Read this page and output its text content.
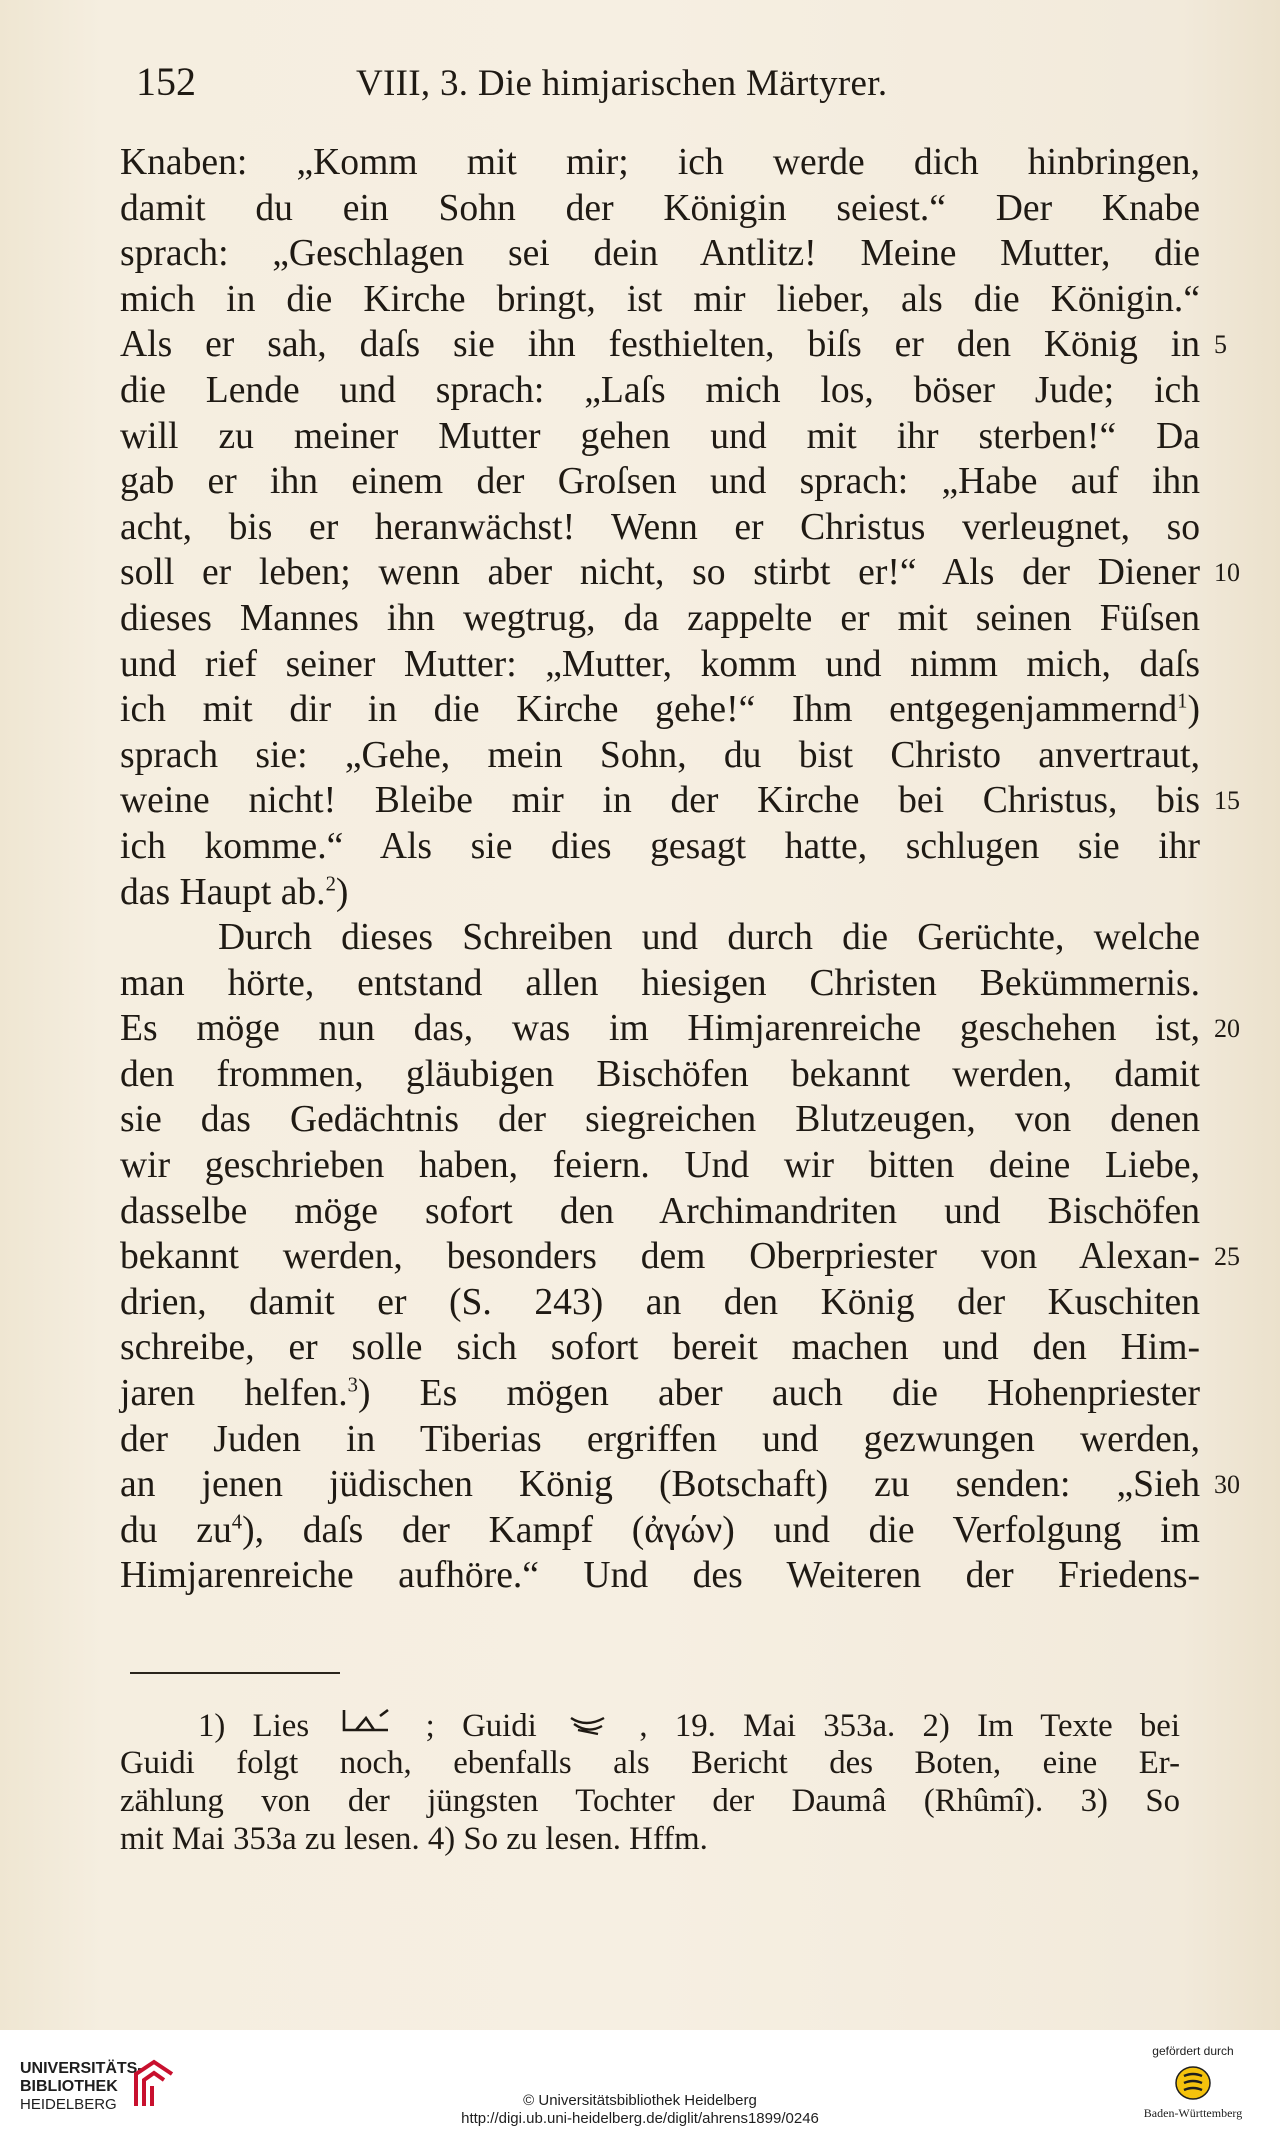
152	VIII, 3. Die himjarischen Märtyrer.
Knaben: „Komm mit mir; ich werde dich hinbringen,
damit du ein Sohn der Königin seiest.“ Der Knabe
sprach: „Geschlagen sei dein Antlitz! Meine Mutter, die
mich in die Kirche bringt, ist mir lieber, als die Königin.“
Als er sah, daſs sie ihn festhielten, biſs er den König in 5
die Lende und sprach: „Laſs mich los, böser Jude; ich
will zu meiner Mutter gehen und mit ihr sterben!“ Da
gab er ihn einem der Groſsen und sprach: „Habe auf ihn
acht, bis er heranwächst! Wenn er Christus verleugnet, so
soll er leben; wenn aber nicht, so stirbt er!“ Als der Diener 10
dieses Mannes ihn wegtrug, da zappelte er mit seinen Füſsen
und rief seiner Mutter: „Mutter, komm und nimm mich, daſs
ich mit dir in die Kirche gehe!“ Ihm entgegenjammernd$^1$)
sprach sie: „Gehe, mein Sohn, du bist Christo anvertraut,
weine nicht! Bleibe mir in der Kirche bei Christus, bis 15
ich komme.“ Als sie dies gesagt hatte, schlugen sie ihr
das Haupt ab.$^2$)
Durch dieses Schreiben und durch die Gerüchte, welche
man hörte, entstand allen hiesigen Christen Bekümmernis.
Es möge nun das, was im Himjarenreiche geschehen ist, 20
den frommen, gläubigen Bischöfen bekannt werden, damit
sie das Gedächtnis der siegreichen Blutzeugen, von denen
wir geschrieben haben, feiern. Und wir bitten deine Liebe,
dasselbe möge sofort den Archimandriten und Bischöfen
bekannt werden, besonders dem Oberpriester von Alexan- 25
drien, damit er (S. 243) an den König der Kuschiten
schreibe, er solle sich sofort bereit machen und den Him-
jaren helfen.$^3$) Es mögen aber auch die Hohenpriester
der Juden in Tiberias ergriffen und gezwungen werden,
an jenen jüdischen König (Botschaft) zu senden: „Sieh 30
du $zu^4$), daſs der Kampf (ἀγών) und die Verfolgung im
Himjarenreiche aufhöre.“ Und des Weiteren der Friedens-
1) Lies	; Guidi	, 19. Mai 353a. 2) Im Texte bei
Guidi folgt noch, ebenfalls als Bericht des Boten, eine Er-
zählung von der jüngsten Tochter der Daumâ (Rhûmî). 3) So
mit Mai 353a zu lesen. 4) So zu lesen. Hffm.
UNIVERSITÄTS-
BIBLIOTHEK
HEIDELBERG	© Universitätsbibliothek Heidelberg
http://digi.ub.uni-heidelberg.de/diglit/ahrens1899/0246
gefördert durch
Baden-Württemberg
